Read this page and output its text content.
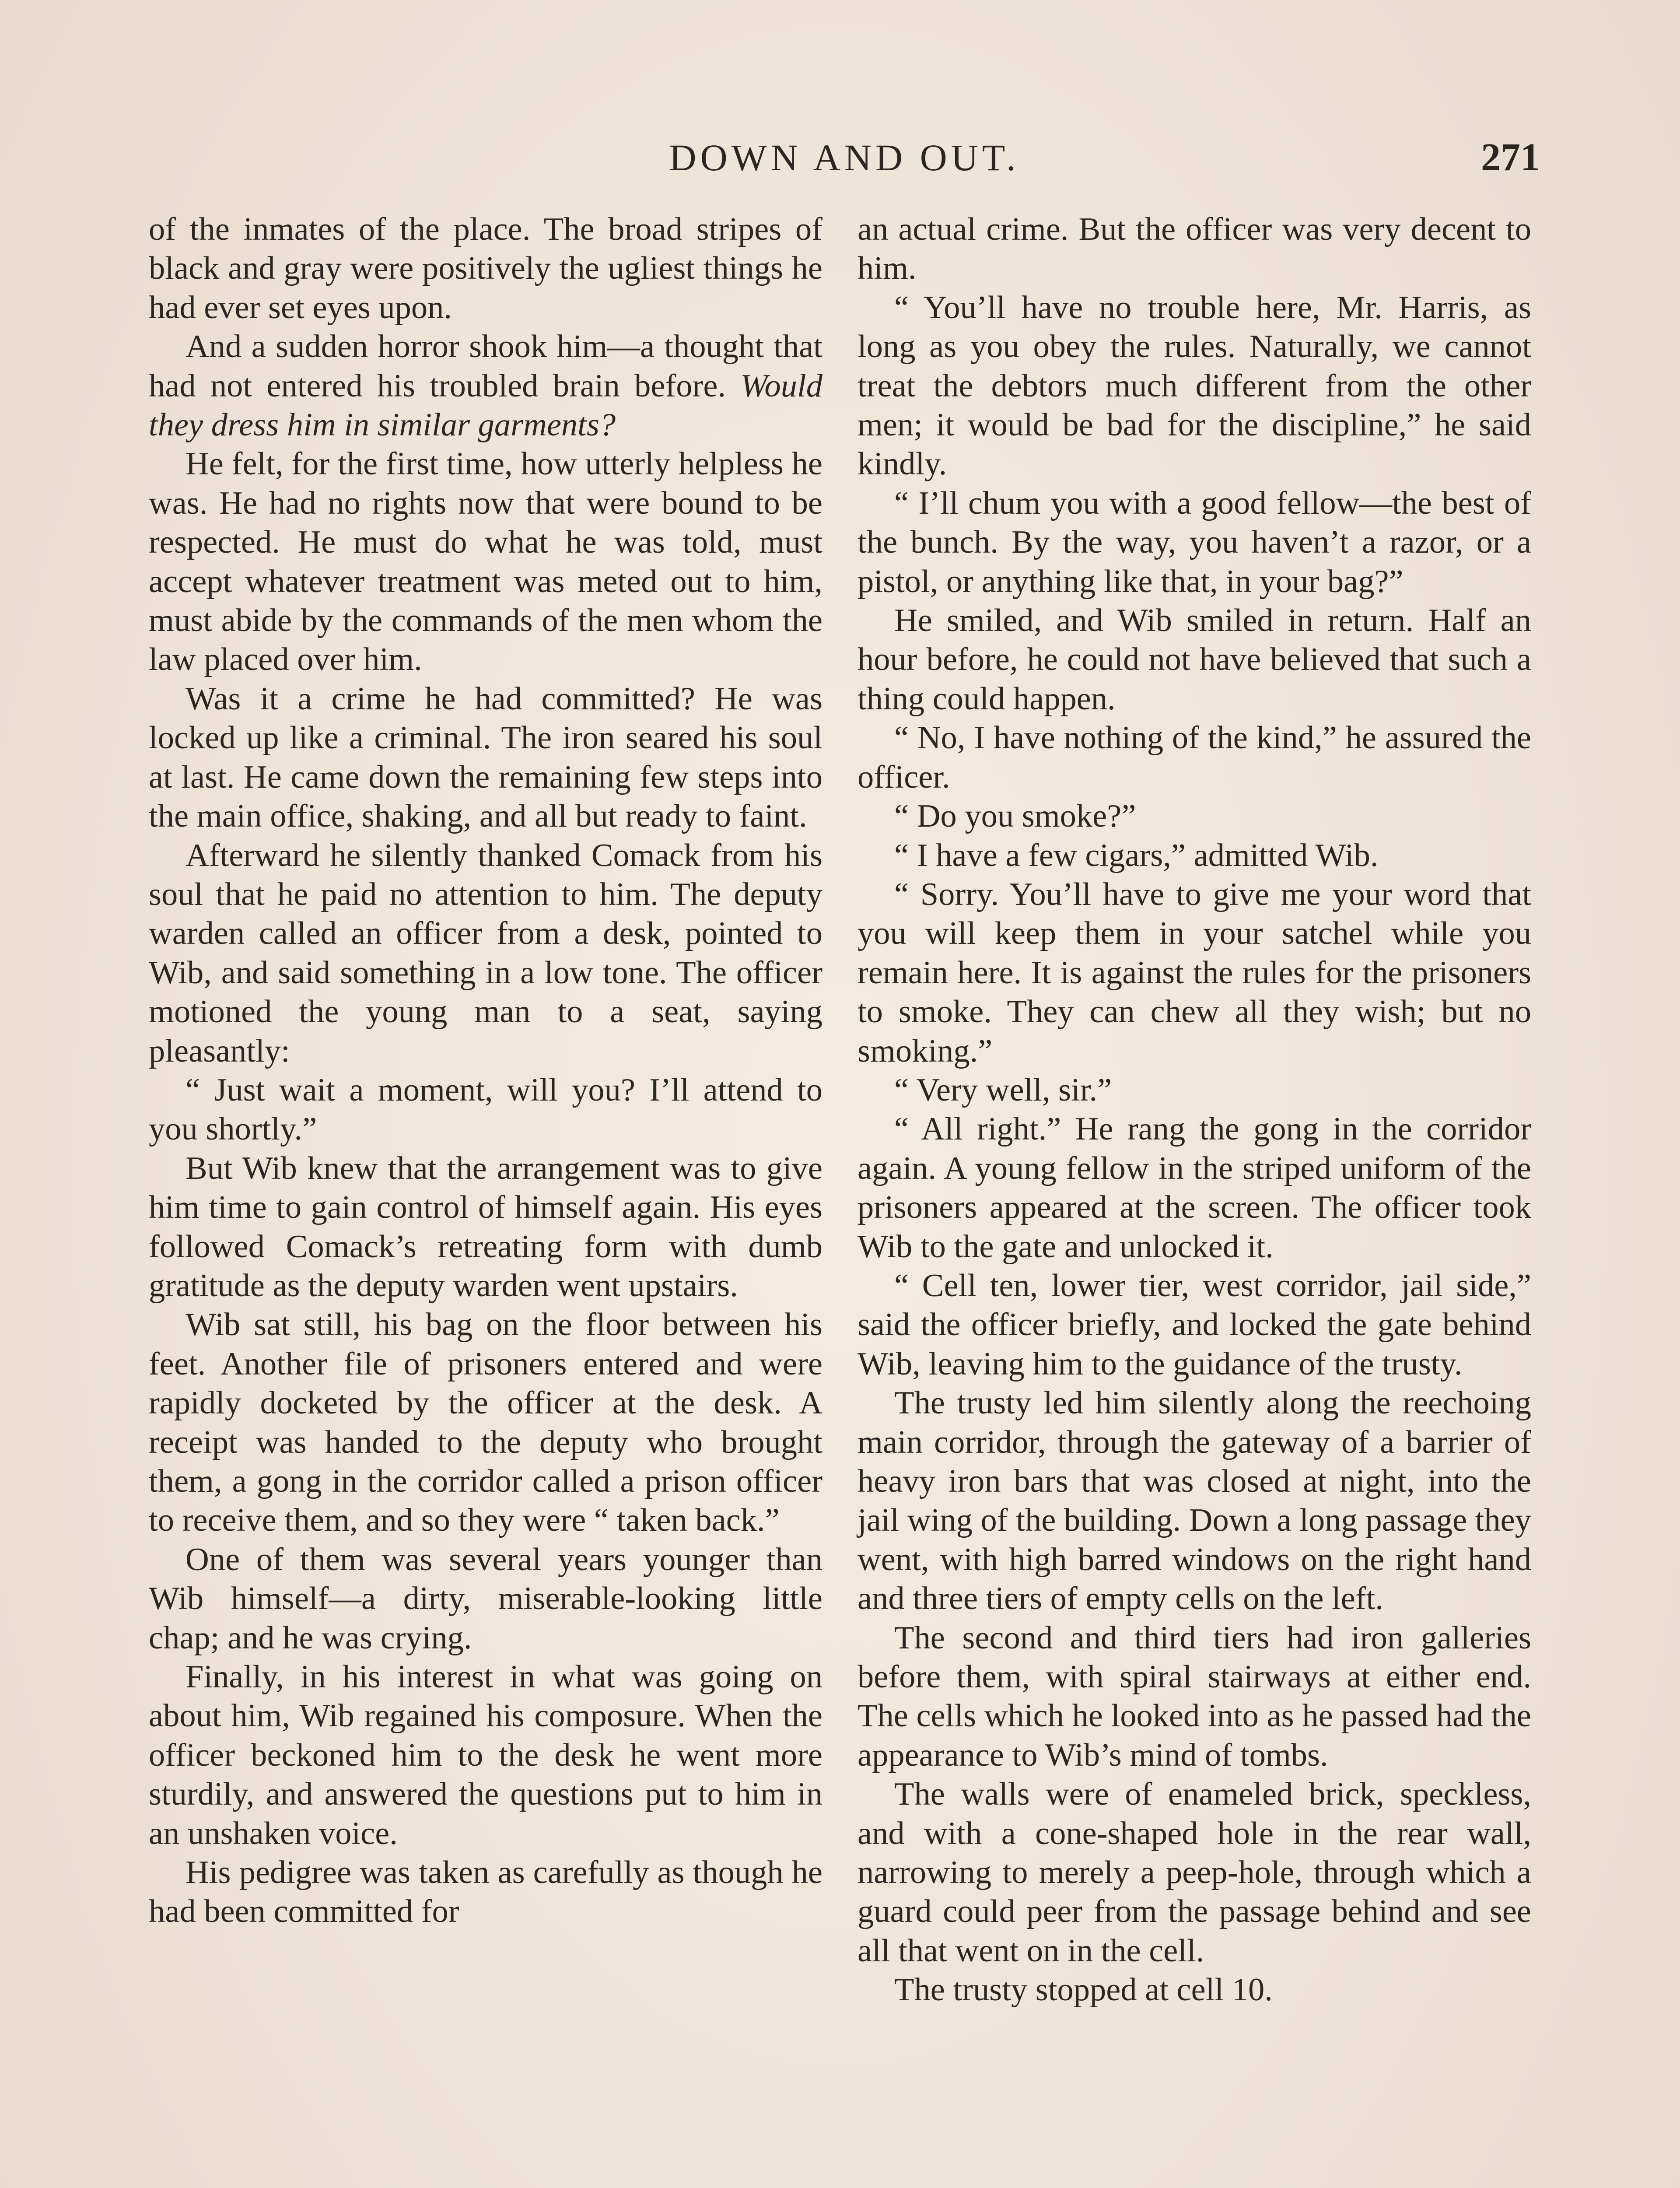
DOWN AND OUT.	271

of the inmates of the place. The broad stripes of black and gray were positively the ugliest things he had ever set eyes upon.

And a sudden horror shook him—a thought that had not entered his troubled brain before. Would they dress him in similar garments?

He felt, for the first time, how utterly helpless he was. He had no rights now that were bound to be respected. He must do what he was told, must accept whatever treatment was meted out to him, must abide by the commands of the men whom the law placed over him.

Was it a crime he had committed? He was locked up like a criminal. The iron seared his soul at last. He came down the remaining few steps into the main office, shaking, and all but ready to faint.

Afterward he silently thanked Comack from his soul that he paid no attention to him. The deputy warden called an officer from a desk, pointed to Wib, and said something in a low tone. The officer motioned the young man to a seat, saying pleasantly:

“ Just wait a moment, will you? I’ll attend to you shortly.”

But Wib knew that the arrangement was to give him time to gain control of himself again. His eyes followed Comack’s retreating form with dumb gratitude as the deputy warden went upstairs.

Wib sat still, his bag on the floor between his feet. Another file of prisoners entered and were rapidly docketed by the officer at the desk. A receipt was handed to the deputy who brought them, a gong in the corridor called a prison officer to receive them, and so they were “ taken back.”

One of them was several years younger than Wib himself—a dirty, miserable-looking little chap; and he was crying.

Finally, in his interest in what was going on about him, Wib regained his composure. When the officer beckoned him to the desk he went more sturdily, and answered the questions put to him in an unshaken voice.

His pedigree was taken as carefully as though he had been committed for

an actual crime. But the officer was very decent to him.

“ You’ll have no trouble here, Mr. Harris, as long as you obey the rules. Naturally, we cannot treat the debtors much different from the other men; it would be bad for the discipline,” he said kindly.

“ I’ll chum you with a good fellow—the best of the bunch. By the way, you haven’t a razor, or a pistol, or anything like that, in your bag?”

He smiled, and Wib smiled in return. Half an hour before, he could not have believed that such a thing could happen.

“ No, I have nothing of the kind,” he assured the officer.

“ Do you smoke?”

“ I have a few cigars,” admitted Wib.

“ Sorry. You’ll have to give me your word that you will keep them in your satchel while you remain here. It is against the rules for the prisoners to smoke. They can chew all they wish; but no smoking.”

“ Very well, sir.”

“ All right.” He rang the gong in the corridor again. A young fellow in the striped uniform of the prisoners appeared at the screen. The officer took Wib to the gate and unlocked it.

“ Cell ten, lower tier, west corridor, jail side,” said the officer briefly, and locked the gate behind Wib, leaving him to the guidance of the trusty.

The trusty led him silently along the reechoing main corridor, through the gateway of a barrier of heavy iron bars that was closed at night, into the jail wing of the building. Down a long passage they went, with high barred windows on the right hand and three tiers of empty cells on the left.

The second and third tiers had iron galleries before them, with spiral stairways at either end. The cells which he looked into as he passed had the appearance to Wib’s mind of tombs.

The walls were of enameled brick, speckless, and with a cone-shaped hole in the rear wall, narrowing to merely a peep-hole, through which a guard could peer from the passage behind and see all that went on in the cell.

The trusty stopped at cell 10.
